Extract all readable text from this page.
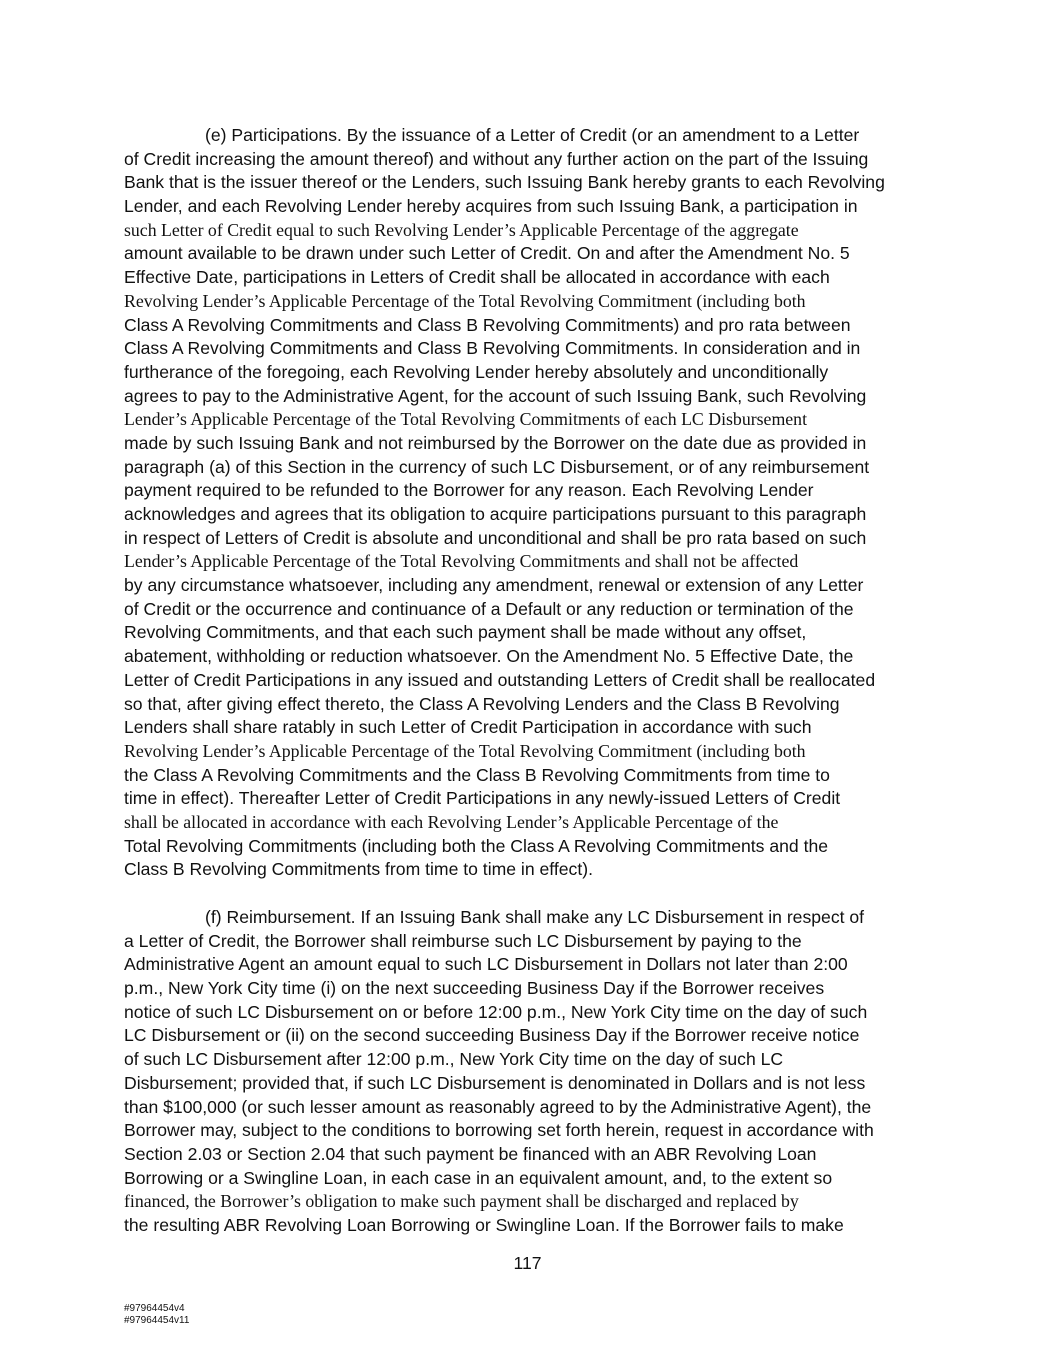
(e) Participations. By the issuance of a Letter of Credit (or an amendment to a Letter
of Credit increasing the amount thereof) and without any further action on the part of the Issuing
Bank that is the issuer thereof or the Lenders, such Issuing Bank hereby grants to each Revolving
Lender, and each Revolving Lender hereby acquires from such Issuing Bank, a participation in
such Letter of Credit equal to such Revolving Lender’s Applicable Percentage of the aggregate
amount available to be drawn under such Letter of Credit. On and after the Amendment No. 5
Effective Date, participations in Letters of Credit shall be allocated in accordance with each
Revolving Lender’s Applicable Percentage of the Total Revolving Commitment (including both
Class A Revolving Commitments and Class B Revolving Commitments) and pro rata between
Class A Revolving Commitments and Class B Revolving Commitments. In consideration and in
furtherance of the foregoing, each Revolving Lender hereby absolutely and unconditionally
agrees to pay to the Administrative Agent, for the account of such Issuing Bank, such Revolving
Lender’s Applicable Percentage of the Total Revolving Commitments of each LC Disbursement
made by such Issuing Bank and not reimbursed by the Borrower on the date due as provided in
paragraph (a) of this Section in the currency of such LC Disbursement, or of any reimbursement
payment required to be refunded to the Borrower for any reason. Each Revolving Lender
acknowledges and agrees that its obligation to acquire participations pursuant to this paragraph
in respect of Letters of Credit is absolute and unconditional and shall be pro rata based on such
Lender’s Applicable Percentage of the Total Revolving Commitments and shall not be affected
by any circumstance whatsoever, including any amendment, renewal or extension of any Letter
of Credit or the occurrence and continuance of a Default or any reduction or termination of the
Revolving Commitments, and that each such payment shall be made without any offset,
abatement, withholding or reduction whatsoever. On the Amendment No. 5 Effective Date, the
Letter of Credit Participations in any issued and outstanding Letters of Credit shall be reallocated
so that, after giving effect thereto, the Class A Revolving Lenders and the Class B Revolving
Lenders shall share ratably in such Letter of Credit Participation in accordance with such
Revolving Lender’s Applicable Percentage of the Total Revolving Commitment (including both
the Class A Revolving Commitments and the Class B Revolving Commitments from time to
time in effect). Thereafter Letter of Credit Participations in any newly-issued Letters of Credit
shall be allocated in accordance with each Revolving Lender’s Applicable Percentage of the
Total Revolving Commitments (including both the Class A Revolving Commitments and the
Class B Revolving Commitments from time to time in effect).
(f) Reimbursement. If an Issuing Bank shall make any LC Disbursement in respect of
a Letter of Credit, the Borrower shall reimburse such LC Disbursement by paying to the
Administrative Agent an amount equal to such LC Disbursement in Dollars not later than 2:00
p.m., New York City time (i) on the next succeeding Business Day if the Borrower receives
notice of such LC Disbursement on or before 12:00 p.m., New York City time on the day of such
LC Disbursement or (ii) on the second succeeding Business Day if the Borrower receive notice
of such LC Disbursement after 12:00 p.m., New York City time on the day of such LC
Disbursement; provided that, if such LC Disbursement is denominated in Dollars and is not less
than $100,000 (or such lesser amount as reasonably agreed to by the Administrative Agent), the
Borrower may, subject to the conditions to borrowing set forth herein, request in accordance with
Section 2.03 or Section 2.04 that such payment be financed with an ABR Revolving Loan
Borrowing or a Swingline Loan, in each case in an equivalent amount, and, to the extent so
financed, the Borrower’s obligation to make such payment shall be discharged and replaced by
the resulting ABR Revolving Loan Borrowing or Swingline Loan. If the Borrower fails to make
117
#97964454v4
#97964454v11
